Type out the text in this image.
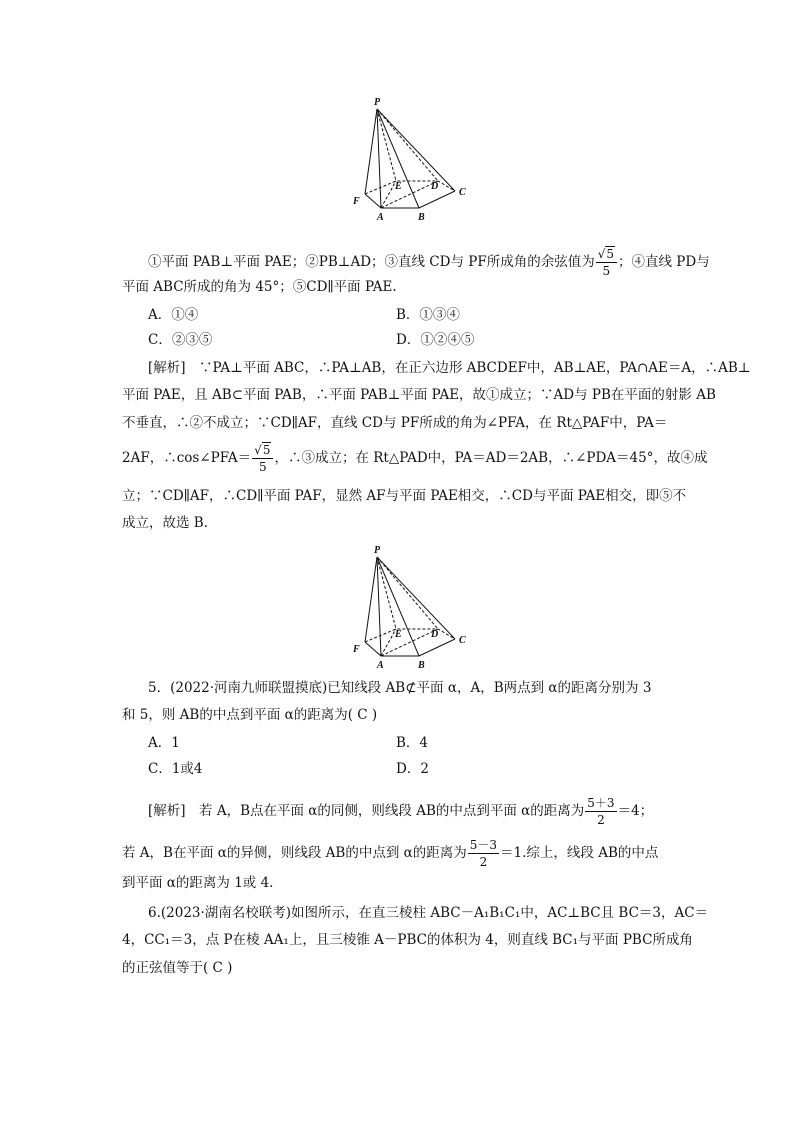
P
A	B
C
D
E
F
①平面 PAB⊥平面 PAE；②PB⊥AD；③直线 CD与 PF所成角的余弦值为 $\frac{√5}{5}$ ；④直线 PD与
平面 ABC所成的角为 45°；⑤CD∥平面 PAE.
A．①④	B．①③④
C．②③⑤	D．①②④⑤
[解析]　∵PA⊥平面 ABC，∴PA⊥AB，在正六边形 ABCDEF中，AB⊥AE，PA∩AE＝A，∴AB⊥
平面 PAE，且 AB⊂平面 PAB，∴平面 PAB⊥平面 PAE，故①成立；∵AD与 PB在平面的射影 AB
不垂直，∴②不成立；∵CD∥AF，直线 CD与 PF所成的角为∠PFA，在 Rt△PAF中，PA＝
2AF，∴cos∠PFA＝ $\frac{√5}{5}$ ，∴③成立；在 Rt△PAD中，PA＝AD＝2AB，∴∠PDA＝45°，故④成
立；∵CD∥AF，∴CD∥平面 PAF，显然 AF与平面 PAE相交，∴CD与平面 PAE相交，即⑤不
成立，故选 B.
P
A	B
C
D
E
F
5．(2022·河南九师联盟摸底)已知线段 AB⊄平面 α，A，B两点到 α的距离分别为 3
和 5，则 AB的中点到平面 α的距离为( C )
A．1	B．4
C．1或4	D．2
[解析]　若 A，B点在平面 α的同侧，则线段 AB的中点到平面 α的距离为 $\frac{5+3}{2} =4$；
若 A，B在平面 α的异侧，则线段 AB的中点到 α的距离为 $\frac{5-3}{2} =1$.综上，线段 AB的中点
到平面 α的距离为 1或 4.
6.(2023·湖南名校联考)如图所示，在直三棱柱 ABC－A₁B₁C₁中，AC⊥BC且 BC＝3，AC＝
4，CC₁＝3，点 P在棱 AA₁上，且三棱锥 A－PBC的体积为 4，则直线 BC₁与平面 PBC所成角
的正弦值等于( C )
